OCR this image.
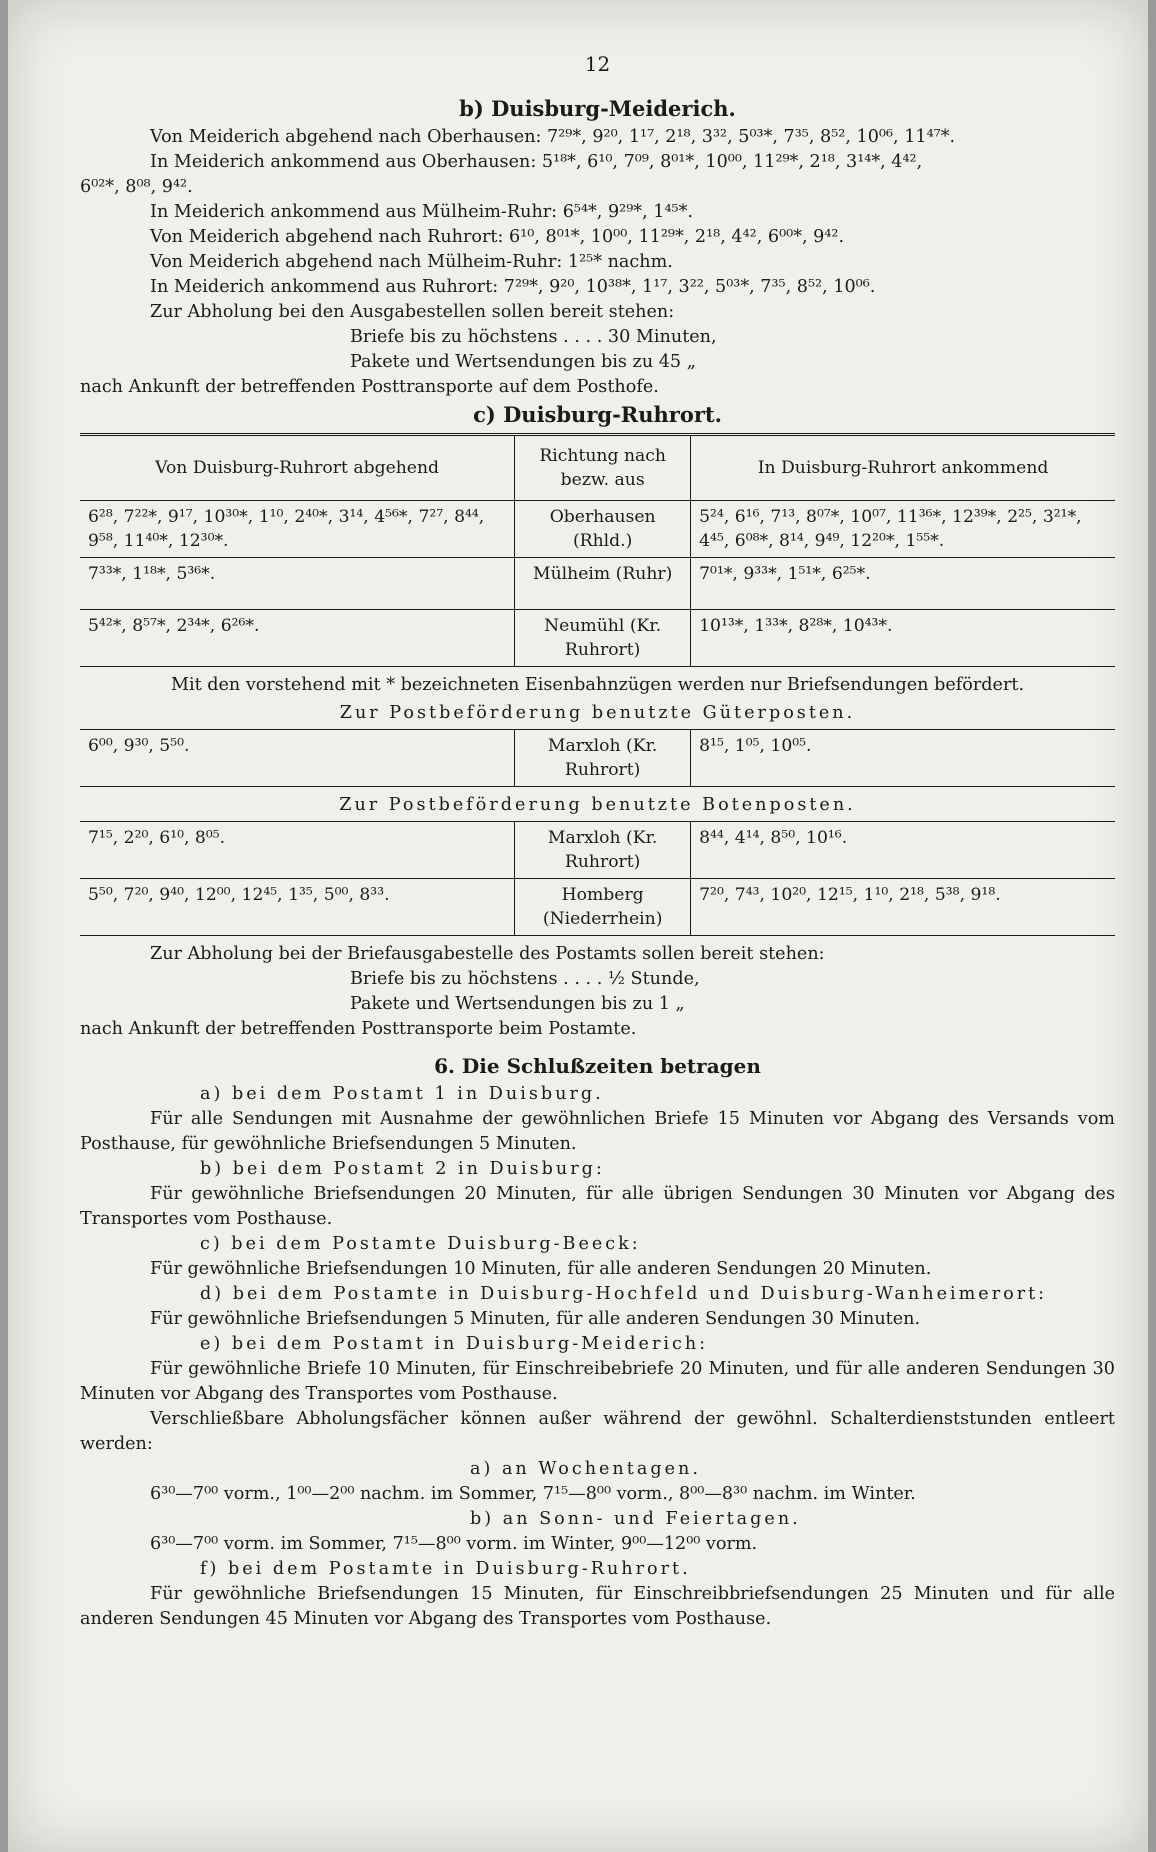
12
b) Duisburg-Meiderich.
Von Meiderich abgehend nach Oberhausen: 7²⁹*, 9²⁰, 1¹⁷, 2¹⁸, 3³², 5⁰³*, 7³⁵, 8⁵², 10⁰⁶, 11⁴⁷*.
In Meiderich ankommend aus Oberhausen: 5¹⁸*, 6¹⁰, 7⁰⁹, 8⁰¹*, 10⁰⁰, 11²⁹*, 2¹⁸, 3¹⁴*, 4⁴²,
6⁰²*, 8⁰⁸, 9⁴².
In Meiderich ankommend aus Mülheim-Ruhr: 6⁵⁴*, 9²⁹*, 1⁴⁵*.
Von Meiderich abgehend nach Ruhrort: 6¹⁰, 8⁰¹*, 10⁰⁰, 11²⁹*, 2¹⁸, 4⁴², 6⁰⁰*, 9⁴².
Von Meiderich abgehend nach Mülheim-Ruhr: 1²⁵* nachm.
In Meiderich ankommend aus Ruhrort: 7²⁹*, 9²⁰, 10³⁸*, 1¹⁷, 3²², 5⁰³*, 7³⁵, 8⁵², 10⁰⁶.
Zur Abholung bei den Ausgabestellen sollen bereit stehen:
Briefe bis zu höchstens . . . . 30 Minuten,
Pakete und Wertsendungen bis zu 45 „
nach Ankunft der betreffenden Posttransporte auf dem Posthofe.
c) Duisburg-Ruhrort.
Von Duisburg-Ruhrort abgehend	Richtung nach bezw. aus	In Duisburg-Ruhrort ankommend
6²⁸, 7²²*, 9¹⁷, 10³⁰*, 1¹⁰, 2⁴⁰*, 3¹⁴, 4⁵⁶*, 7²⁷, 8⁴⁴, 9⁵⁸, 11⁴⁰*, 12³⁰*.	Oberhausen (Rhld.)	5²⁴, 6¹⁶, 7¹³, 8⁰⁷*, 10⁰⁷, 11³⁶*, 12³⁹*, 2²⁵, 3²¹*, 4⁴⁵, 6⁰⁸*, 8¹⁴, 9⁴⁹, 12²⁰*, 1⁵⁵*.
7³³*, 1¹⁸*, 5³⁶*.	Mülheim (Ruhr)	7⁰¹*, 9³³*, 1⁵¹*, 6²⁵*.
5⁴²*, 8⁵⁷*, 2³⁴*, 6²⁶*.	Neumühl (Kr. Ruhrort)	10¹³*, 1³³*, 8²⁸*, 10⁴³*.
Mit den vorstehend mit * bezeichneten Eisenbahnzügen werden nur Briefsendungen befördert.
Zur Postbeförderung benutzte Güterposten.
6⁰⁰, 9³⁰, 5⁵⁰.	Marxloh (Kr. Ruhrort)	8¹⁵, 1⁰⁵, 10⁰⁵.
Zur Postbeförderung benutzte Botenposten.
7¹⁵, 2²⁰, 6¹⁰, 8⁰⁵.	Marxloh (Kr. Ruhrort)	8⁴⁴, 4¹⁴, 8⁵⁰, 10¹⁶.
5⁵⁰, 7²⁰, 9⁴⁰, 12⁰⁰, 12⁴⁵, 1³⁵, 5⁰⁰, 8³³.	Homberg (Niederrhein)	7²⁰, 7⁴³, 10²⁰, 12¹⁵, 1¹⁰, 2¹⁸, 5³⁸, 9¹⁸.
Zur Abholung bei der Briefausgabestelle des Postamts sollen bereit stehen:
Briefe bis zu höchstens . . . . ½ Stunde,
Pakete und Wertsendungen bis zu 1 „
nach Ankunft der betreffenden Posttransporte beim Postamte.
6. Die Schlußzeiten betragen
a) bei dem Postamt 1 in Duisburg.
Für alle Sendungen mit Ausnahme der gewöhnlichen Briefe 15 Minuten vor Abgang des Versands vom Posthause, für gewöhnliche Briefsendungen 5 Minuten.
b) bei dem Postamt 2 in Duisburg:
Für gewöhnliche Briefsendungen 20 Minuten, für alle übrigen Sendungen 30 Minuten vor Abgang des Transportes vom Posthause.
c) bei dem Postamte Duisburg-Beeck:
Für gewöhnliche Briefsendungen 10 Minuten, für alle anderen Sendungen 20 Minuten.
d) bei dem Postamte in Duisburg-Hochfeld und Duisburg-Wanheimerort:
Für gewöhnliche Briefsendungen 5 Minuten, für alle anderen Sendungen 30 Minuten.
e) bei dem Postamt in Duisburg-Meiderich:
Für gewöhnliche Briefe 10 Minuten, für Einschreibebriefe 20 Minuten, und für alle anderen Sendungen 30 Minuten vor Abgang des Transportes vom Posthause.
Verschließbare Abholungsfächer können außer während der gewöhnl. Schalterdienststunden entleert werden:
a) an Wochentagen.
6³⁰—7⁰⁰ vorm., 1⁰⁰—2⁰⁰ nachm. im Sommer, 7¹⁵—8⁰⁰ vorm., 8⁰⁰—8³⁰ nachm. im Winter.
b) an Sonn- und Feiertagen.
6³⁰—7⁰⁰ vorm. im Sommer, 7¹⁵—8⁰⁰ vorm. im Winter, 9⁰⁰—12⁰⁰ vorm.
f) bei dem Postamte in Duisburg-Ruhrort.
Für gewöhnliche Briefsendungen 15 Minuten, für Einschreibbriefsendungen 25 Minuten und für alle anderen Sendungen 45 Minuten vor Abgang des Transportes vom Posthause.
